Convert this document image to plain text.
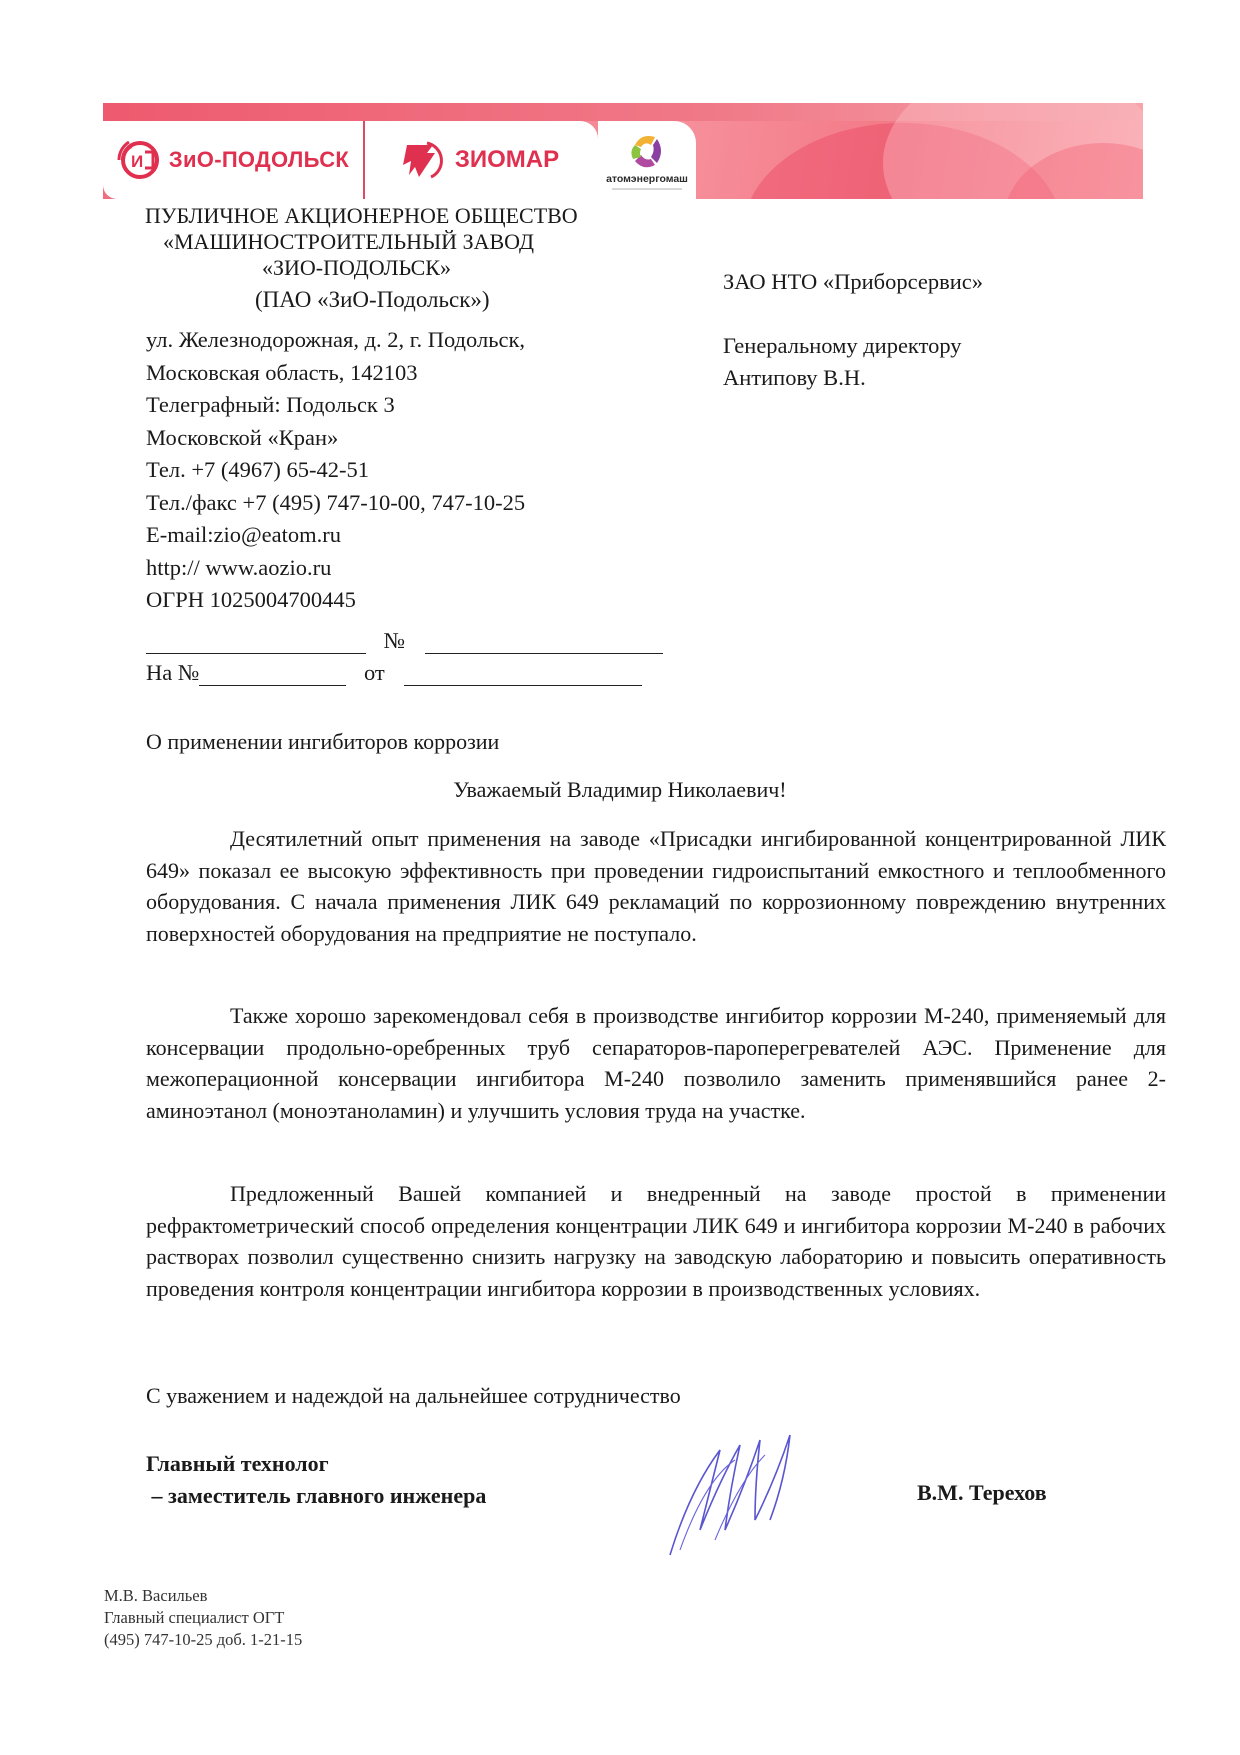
И ЗиО-ПОДОЛЬСК	ЗИОМАР
атомэнергомаш
ПУБЛИЧНОЕ АКЦИОНЕРНОЕ ОБЩЕСТВО
«МАШИНОСТРОИТЕЛЬНЫЙ ЗАВОД
«ЗИО-ПОДОЛЬСК»
(ПАО «ЗиО-Подольск»)
ул. Железнодорожная, д. 2, г. Подольск,
Московская область, 142103
Телеграфный: Подольск 3
Московской «Кран»
Тел. +7 (4967) 65-42-51
Тел./факс +7 (495) 747-10-00, 747-10-25
E-mail:zio@eatom.ru
http:// www.aozio.ru
ОГРН 1025004700445
№
На №	от
ЗАО НТО «Приборсервис»
Генеральному директору
Антипову В.Н.
О применении ингибиторов коррозии
Уважаемый Владимир Николаевич!
Десятилетний опыт применения на заводе «Присадки ингибированной концентрированной ЛИК 649» показал ее высокую эффективность при проведении гидроиспытаний емкостного и теплообменного оборудования. С начала применения ЛИК 649 рекламаций по коррозионному повреждению внутренних поверхностей оборудования на предприятие не поступало.
Также хорошо зарекомендовал себя в производстве ингибитор коррозии М-240, применяемый для консервации продольно-оребренных труб сепараторов-пароперегревателей АЭС. Применение для межоперационной консервации ингибитора М-240 позволило заменить применявшийся ранее 2- аминоэтанол (моноэтаноламин) и улучшить условия труда на участке.
Предложенный Вашей компанией и внедренный на заводе простой в применении рефрактометрический способ определения концентрации ЛИК 649 и ингибитора коррозии М-240 в рабочих растворах позволил существенно снизить нагрузку на заводскую лабораторию и повысить оперативность проведения контроля концентрации ингибитора коррозии в производственных условиях.
С уважением и надеждой на дальнейшее сотрудничество
Главный технолог
– заместитель главного инженера	В.М. Терехов
М.В. Васильев
Главный специалист ОГТ
(495) 747-10-25 доб. 1-21-15
